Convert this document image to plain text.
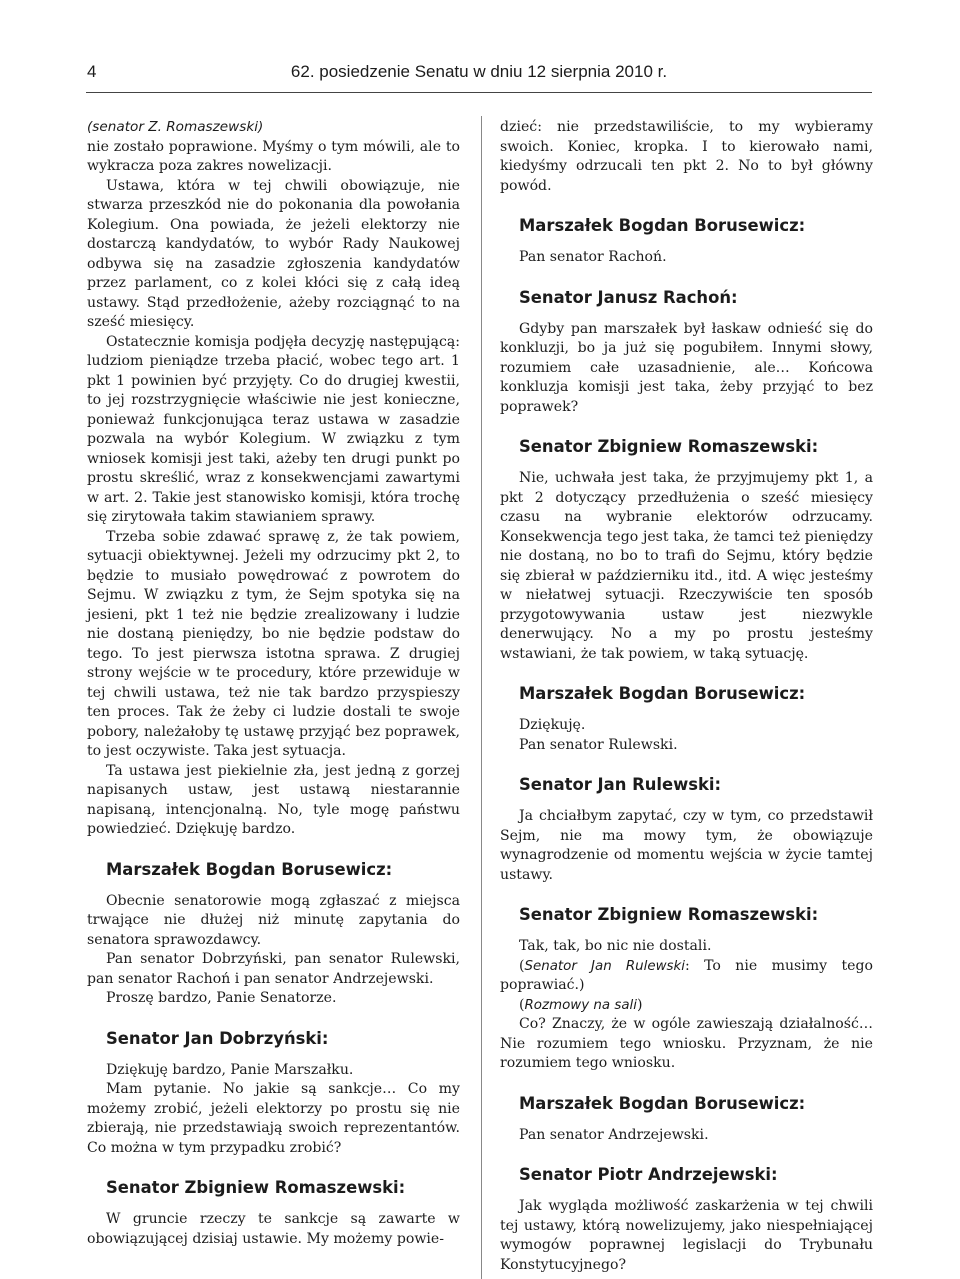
4	62. posiedzenie Senatu w dniu 12 sierpnia 2010 r.

(senator Z. Romaszewski)

nie zostało poprawione. Myśmy o tym mówili, ale to wykracza poza zakres nowelizacji.

Ustawa, która w tej chwili obowiązuje, nie stwarza przeszkód nie do pokonania dla powołania Kolegium. Ona powiada, że jeżeli elektorzy nie dostarczą kandydatów, to wybór Rady Naukowej odbywa się na zasadzie zgłoszenia kandydatów przez parlament, co z kolei kłóci się z całą ideą ustawy. Stąd przedłożenie, ażeby rozciągnąć to na sześć miesięcy.

Ostatecznie komisja podjęła decyzję następującą: ludziom pieniądze trzeba płacić, wobec tego art. 1 pkt 1 powinien być przyjęty. Co do drugiej kwestii, to jej rozstrzygnięcie właściwie nie jest konieczne, ponieważ funkcjonująca teraz ustawa w zasadzie pozwala na wybór Kolegium. W związku z tym wniosek komisji jest taki, ażeby ten drugi punkt po prostu skreślić, wraz z konsekwencjami zawartymi w art. 2. Takie jest stanowisko komisji, która trochę się zirytowała takim stawianiem sprawy.

Trzeba sobie zdawać sprawę z, że tak powiem, sytuacji obiektywnej. Jeżeli my odrzucimy pkt 2, to będzie to musiało powędrować z powrotem do Sejmu. W związku z tym, że Sejm spotyka się na jesieni, pkt 1 też nie będzie zrealizowany i ludzie nie dostaną pieniędzy, bo nie będzie podstaw do tego. To jest pierwsza istotna sprawa. Z drugiej strony wejście w te procedury, które przewiduje w tej chwili ustawa, też nie tak bardzo przyspieszy ten proces. Tak że żeby ci ludzie dostali te swoje pobory, należałoby tę ustawę przyjąć bez poprawek, to jest oczywiste. Taka jest sytuacja.

Ta ustawa jest piekielnie zła, jest jedną z gorzej napisanych ustaw, jest ustawą niestarannie napisaną, intencjonalną. No, tyle mogę państwu powiedzieć. Dziękuję bardzo.

Marszałek Bogdan Borusewicz:

Obecnie senatorowie mogą zgłaszać z miejsca trwające nie dłużej niż minutę zapytania do senatora sprawozdawcy.

Pan senator Dobrzyński, pan senator Rulewski, pan senator Rachoń i pan senator Andrzejewski.

Proszę bardzo, Panie Senatorze.

Senator Jan Dobrzyński:

Dziękuję bardzo, Panie Marszałku.

Mam pytanie. No jakie są sankcje… Co my możemy zrobić, jeżeli elektorzy po prostu się nie zbierają, nie przedstawiają swoich reprezentantów. Co można w tym przypadku zrobić?

Senator Zbigniew Romaszewski:

W gruncie rzeczy te sankcje są zawarte w obowiązującej dzisiaj ustawie. My możemy powie-

dzieć: nie przedstawiliście, to my wybieramy swoich. Koniec, kropka. I to kierowało nami, kiedyśmy odrzucali ten pkt 2. No to był główny powód.

Marszałek Bogdan Borusewicz:

Pan senator Rachoń.

Senator Janusz Rachoń:

Gdyby pan marszałek był łaskaw odnieść się do konkluzji, bo ja już się pogubiłem. Innymi słowy, rozumiem całe uzasadnienie, ale… Końcowa konkluzja komisji jest taka, żeby przyjąć to bez poprawek?

Senator Zbigniew Romaszewski:

Nie, uchwała jest taka, że przyjmujemy pkt 1, a pkt 2 dotyczący przedłużenia o sześć miesięcy czasu na wybranie elektorów odrzucamy. Konsekwencja tego jest taka, że tamci też pieniędzy nie dostaną, no bo to trafi do Sejmu, który będzie się zbierał w październiku itd., itd. A więc jesteśmy w niełatwej sytuacji. Rzeczywiście ten sposób przygotowywania ustaw jest niezwykle denerwujący. No a my po prostu jesteśmy wstawiani, że tak powiem, w taką sytuację.

Marszałek Bogdan Borusewicz:

Dziękuję.

Pan senator Rulewski.

Senator Jan Rulewski:

Ja chciałbym zapytać, czy w tym, co przedstawił Sejm, nie ma mowy tym, że obowiązuje wynagrodzenie od momentu wejścia w życie tamtej ustawy.

Senator Zbigniew Romaszewski:

Tak, tak, bo nic nie dostali.

(Senator Jan Rulewski: To nie musimy tego poprawiać.)

(Rozmowy na sali)

Co? Znaczy, że w ogóle zawieszają działalność… Nie rozumiem tego wniosku. Przyznam, że nie rozumiem tego wniosku.

Marszałek Bogdan Borusewicz:

Pan senator Andrzejewski.

Senator Piotr Andrzejewski:

Jak wygląda możliwość zaskarżenia w tej chwili tej ustawy, którą nowelizujemy, jako niespełniającej wymogów poprawnej legislacji do Trybunału Konstytucyjnego?
